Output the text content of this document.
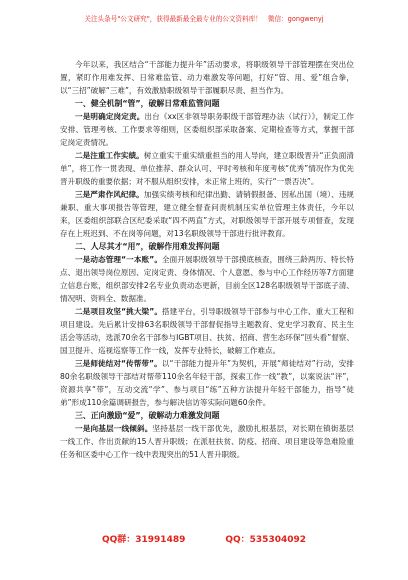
关注头条号"公文研究"，获得最新最全最专业的公文资料库！ 微信：gongwenyj

今年以来，我区结合“干部能力提升年”活动要求，将职级领导干部管理摆在突出位置，紧盯作用难发挥、日常难监管、动力难激发等问题，打好“管、用、爱”组合拳，以“三招”破解“三难”，有效激励职级领导干部履职尽责、担当作为。

一、健全机制“管”，破解日常难监管问题

一是明确定岗定责。出台《xx区非领导职务职级干部管理办法（试行）》，制定工作安排、管理考核、工作要求等细则，区委组织部采取备案、定期检查等方式，掌握干部定岗定责情况。

二是注重工作实绩。树立重实干重实绩重担当的用人导向，建立职级晋升“正负面清单”，将工作一贯表现、单位推荐、群众认可、平时考核和年度考核“优秀”情况作为优先晋升职级的重要依据；对不服从组织安排，未正常上班的，实行“一票否决”。

三是严肃作风纪律。加强实绩考核和纪律出勤、请销假报备、因私出国（境）、违规兼职、重大事项报告等管理，建立健全督查问责机制压实单位管理主体责任，今年以来，区委组织部联合区纪委采取“四不两直”方式，对职级领导干部开展专项督查，发现存在上班迟到、不在岗等问题，对13名职级领导干部进行批评教育。

二、人尽其才“用”，破解作用难发挥问题

一是动态管理“一本账”。全面开展职级领导干部摸底核查，围绕三龄两历、特长特点、退出领导岗位原因、定岗定责、身体情况、个人意愿、参与中心工作经历等7方面建立信息台账，组织部安排2名专业负责动态更新，目前全区128名职级领导干部底子清、情况明、资料全、数据准。

二是项目攻坚“挑大梁”。搭建平台，引导职级领导干部参与中心工作、重大工程和项目建设。先后累计安排63名职级领导干部督促指导主题教育、党史学习教育、民主生活会等活动，选派70余名干部参与IGBT项目、扶贫、招商、营生态环保“回头看”督察、国卫提升、巡视巡察等工作一线，发挥专业特长，破解工作难点。

三是师徒结对“传帮带”。以“干部能力提升年”为契机，开展“师徒结对”行动，安排80余名职级领导干部结对帮带110余名年轻干部，探索工作一线“教”，以案说法“评”，资源共享“带”，互动交流“学”、参与项目“练”五种方法提升年轻干部能力，指导“徒弟”形成110余篇调研报告，参与解决信访等实际问题60余件。

三、正向激励“爱”，破解动力难激发问题

一是向基层一线倾斜。坚持基层一线干部优先，激励扎根基层，对长期在镇街基层一线工作、作出贡献的15人晋升职级；在派驻扶贫、防疫、招商、项目建设等急难险重任务和区委中心工作一线中表现突出的51人晋升职级。

QQ群：31991489	QQ：535304092
